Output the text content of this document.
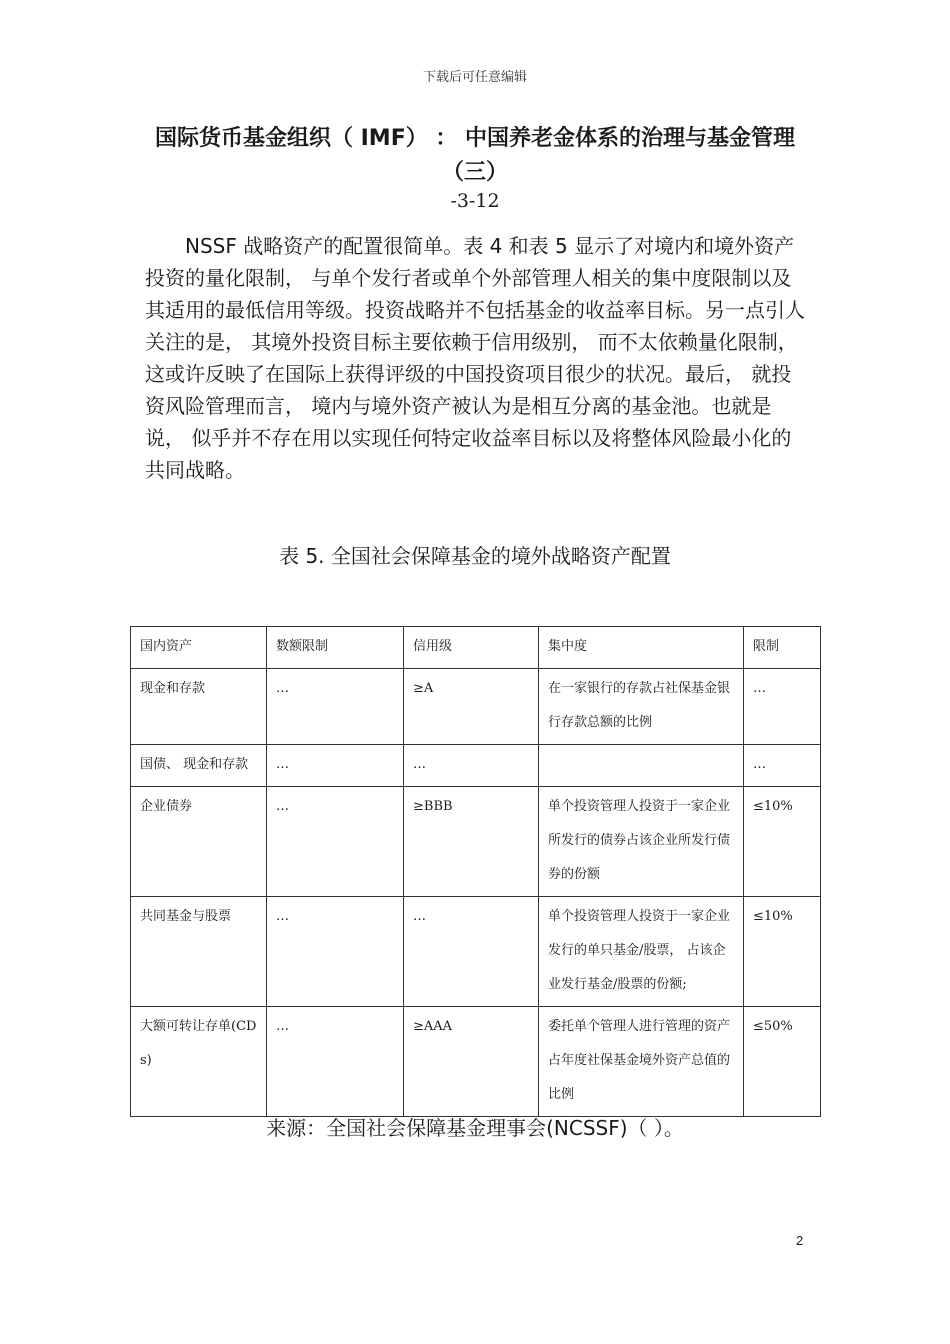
下载后可任意编辑
国际货币基金组织（ IMF） ： 中国养老金体系的治理与基金管理（三）
-3-12

NSSF 战略资产的配置很简单。表 4 和表 5 显示了对境内和境外资产投资的量化限制， 与单个发行者或单个外部管理人相关的集中度限制以及其适用的最低信用等级。投资战略并不包括基金的收益率目标。另一点引人关注的是， 其境外投资目标主要依赖于信用级别， 而不太依赖量化限制， 这或许反映了在国际上获得评级的中国投资项目很少的状况。最后， 就投资风险管理而言， 境内与境外资产被认为是相互分离的基金池。也就是说， 似乎并不存在用以实现任何特定收益率目标以及将整体风险最小化的共同战略。

表 5. 全国社会保障基金的境外战略资产配置
国内资产	数额限制	信用级	集中度	限制
现金和存款	…	≥A	在一家银行的存款占社保基金银行存款总额的比例	…
国债、 现金和存款	…	…		…
企业债券	…	≥BBB	单个投资管理人投资于一家企业所发行的债券占该企业所发行债券的份额	≤10%
共同基金与股票	…	…	单个投资管理人投资于一家企业发行的单只基金/股票， 占该企业发行基金/股票的份额;	≤10%
大额可转让存单(CDs)	…	≥AAA	委托单个管理人进行管理的资产占年度社保基金境外资产总值的比例	≤50%
来源：全国社会保障基金理事会(NCSSF)（ ）。
2
